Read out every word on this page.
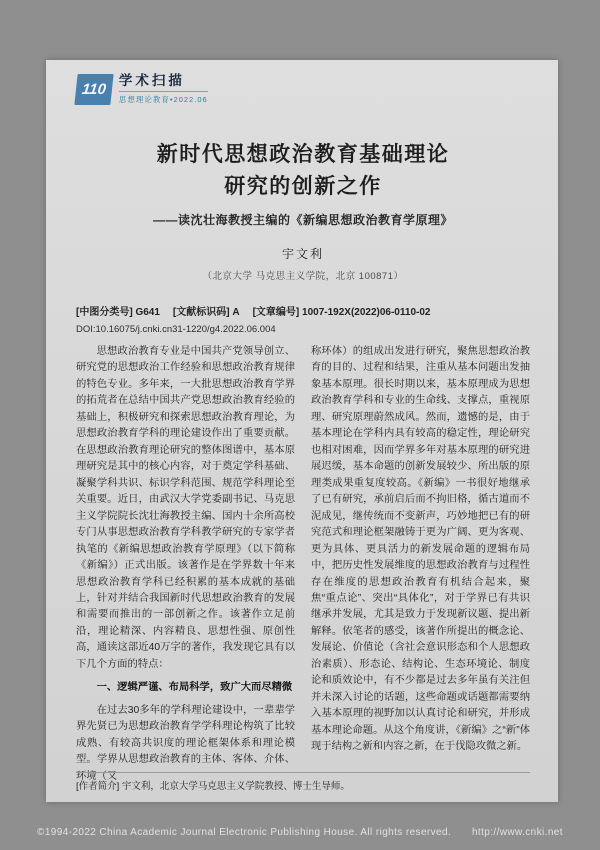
110
学术扫描
思想理论教育•2022.06
新时代思想政治教育基础理论
研究的创新之作
——读沈壮海教授主编的《新编思想政治教育学原理》
宇文利
（北京大学 马克思主义学院，北京 100871）
[中图分类号] G641 [文献标识码] A [文章编号] 1007-192X(2022)06-0110-02
DOI:10.16075/j.cnki.cn31-1220/g4.2022.06.004

思想政治教育专业是中国共产党领导创立、研究党的思想政治工作经验和思想政治教育规律的特色专业。多年来，一大批思想政治教育学界的拓荒者在总结中国共产党思想政治教育经验的基础上，积极研究和探索思想政治教育理论，为思想政治教育学科的理论建设作出了重要贡献。在思想政治教育理论研究的整体图谱中，基本原理研究是其中的核心内容，对于奠定学科基础、凝聚学科共识、标识学科范围、规范学科理论至关重要。近日，由武汉大学党委副书记、马克思主义学院院长沈壮海教授主编、国内十余所高校专门从事思想政治教育学科教学研究的专家学者执笔的《新编思想政治教育学原理》（以下简称《新编》）正式出版。该著作是在学界数十年来思想政治教育学科已经积累的基本成就的基础上，针对并结合我国新时代思想政治教育的发展和需要而推出的一部创新之作。该著作立足前沿，理论精深、内容精良、思想性强、原创性高，通读这部近40万字的著作，我发现它具有以下几个方面的特点：

一、逻辑严谨、布局科学，致广大而尽精微

在过去30多年的学科理论建设中，一辈辈学界先贤已为思想政治教育学学科理论构筑了比较成熟、有较高共识度的理论框架体系和理论模型。学界从思想政治教育的主体、客体、介体、环境（又

称环体）的组成出发进行研究，聚焦思想政治教育的目的、过程和结果，注重从基本问题出发抽象基本原理。很长时期以来，基本原理成为思想政治教育学科和专业的生命线、支撑点，重视原理、研究原理蔚然成风。然而，遗憾的是，由于基本理论在学科内具有较高的稳定性，理论研究也相对困难，因而学界多年对基本原理的研究进展迟缓，基本命题的创新发展较少、所出版的原理类成果重复度较高。《新编》一书很好地继承了已有研究，承前启后而不拘旧格，循古道而不泥成见，继传统而不变新声，巧妙地把已有的研究范式和理论框架融铸于更为广阔、更为客观、更为具体、更具活力的新发展命题的逻辑布局中，把历史性发展维度的思想政治教育与过程性存在维度的思想政治教育有机结合起来，聚焦“重点论”、突出“具体化”，对于学界已有共识继承并发展，尤其是致力于发现新议题、提出新解释。依笔者的感受，该著作所提出的概念论、发展论、价值论（含社会意识形态和个人思想政治素质）、形态论、结构论、生态环境论、制度论和质效论中，有不少都是过去多年虽有关注但并未深入讨论的话题，这些命题或话题都需要纳入基本原理的视野加以认真讨论和研究，并形成基本理论命题。从这个角度讲，《新编》之“新”体现于结构之新和内容之新，在于伐隐攻微之新。

[作者简介] 宇文利，北京大学马克思主义学院教授、博士生导师。
©1994-2022 China Academic Journal Electronic Publishing House. All rights reserved.　　http://www.cnki.net
